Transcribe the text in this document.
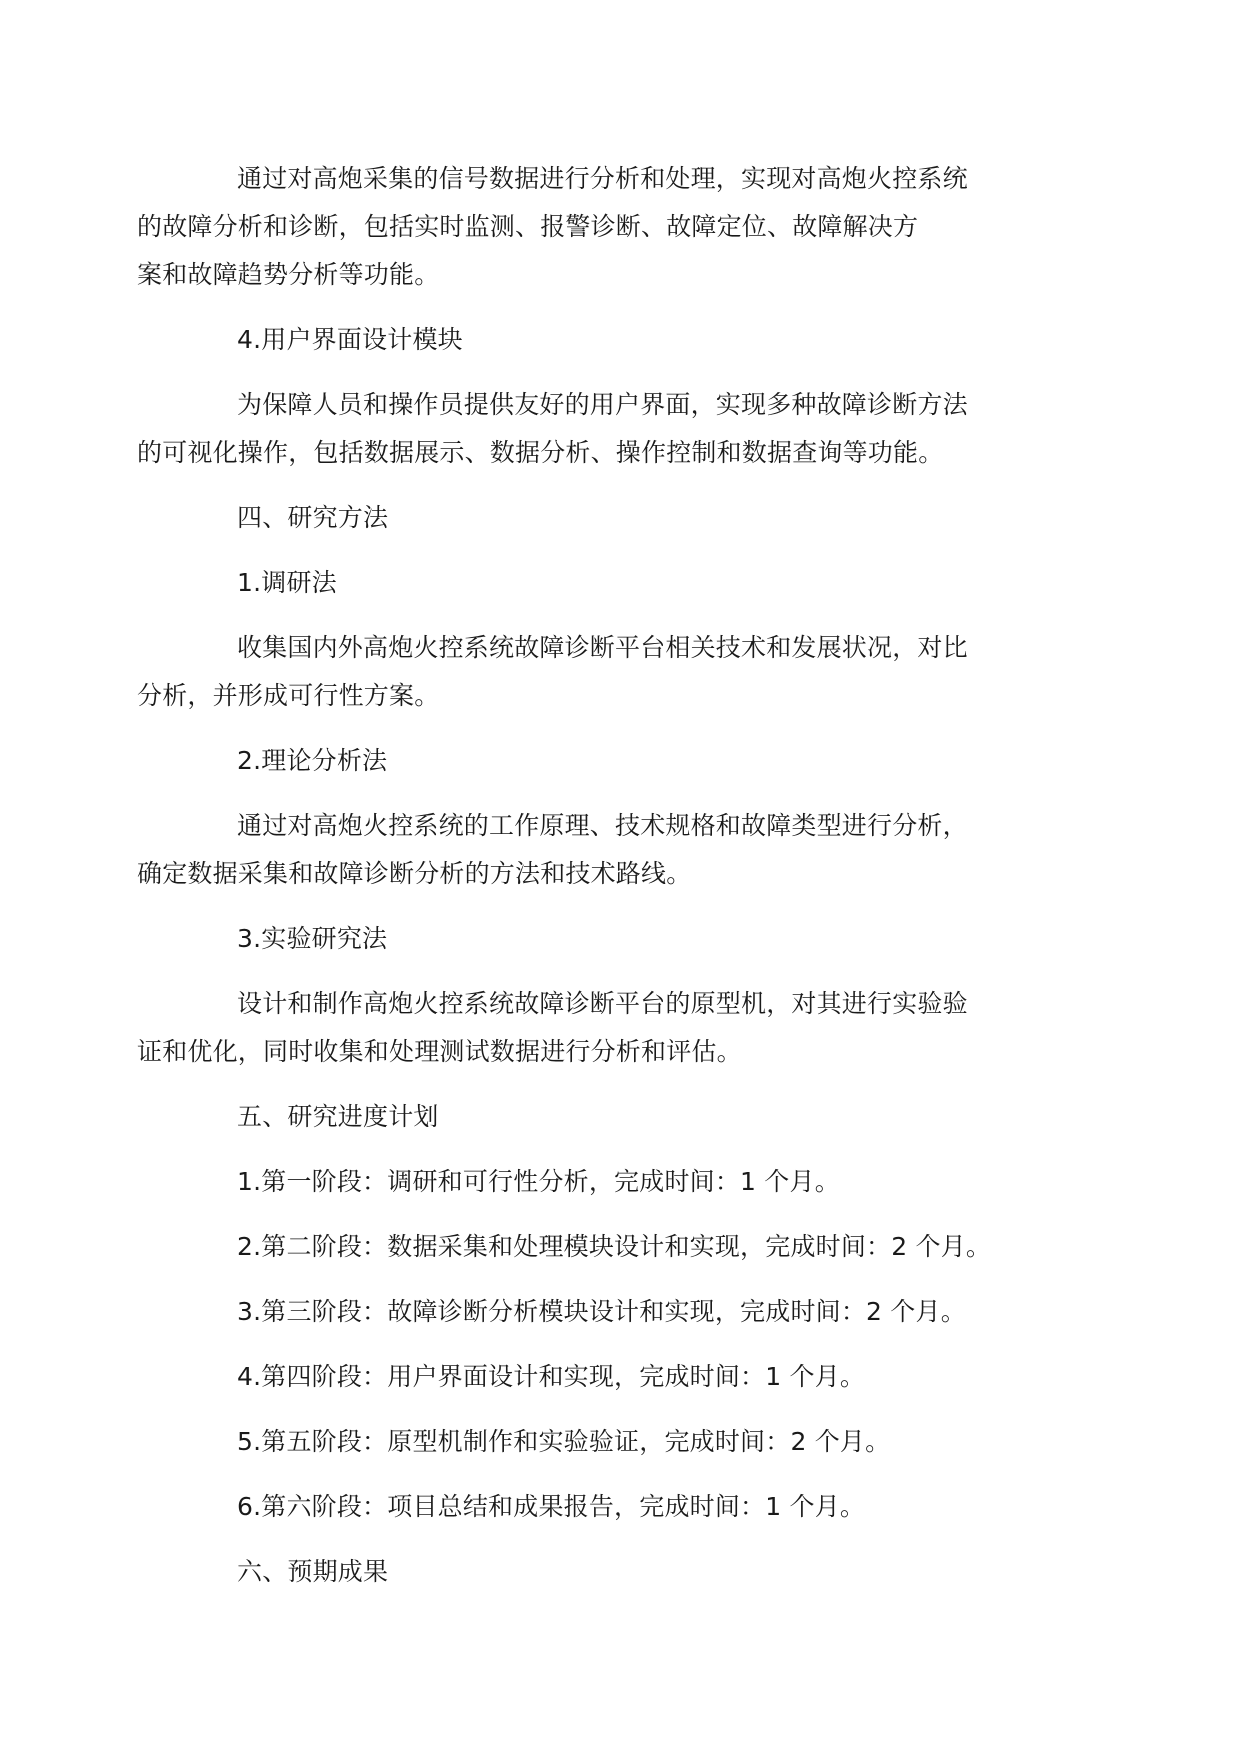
通过对高炮采集的信号数据进行分析和处理，实现对高炮火控系统
的故障分析和诊断，包括实时监测、报警诊断、故障定位、故障解决方
案和故障趋势分析等功能。

4.用户界面设计模块

为保障人员和操作员提供友好的用户界面，实现多种故障诊断方法
的可视化操作，包括数据展示、数据分析、操作控制和数据查询等功能。

四、研究方法

1.调研法

收集国内外高炮火控系统故障诊断平台相关技术和发展状况，对比
分析，并形成可行性方案。

2.理论分析法

通过对高炮火控系统的工作原理、技术规格和故障类型进行分析，
确定数据采集和故障诊断分析的方法和技术路线。

3.实验研究法

设计和制作高炮火控系统故障诊断平台的原型机，对其进行实验验
证和优化，同时收集和处理测试数据进行分析和评估。

五、研究进度计划

1.第一阶段：调研和可行性分析，完成时间：1 个月。

2.第二阶段：数据采集和处理模块设计和实现，完成时间：2 个月。

3.第三阶段：故障诊断分析模块设计和实现，完成时间：2 个月。

4.第四阶段：用户界面设计和实现，完成时间：1 个月。

5.第五阶段：原型机制作和实验验证，完成时间：2 个月。

6.第六阶段：项目总结和成果报告，完成时间：1 个月。

六、预期成果
